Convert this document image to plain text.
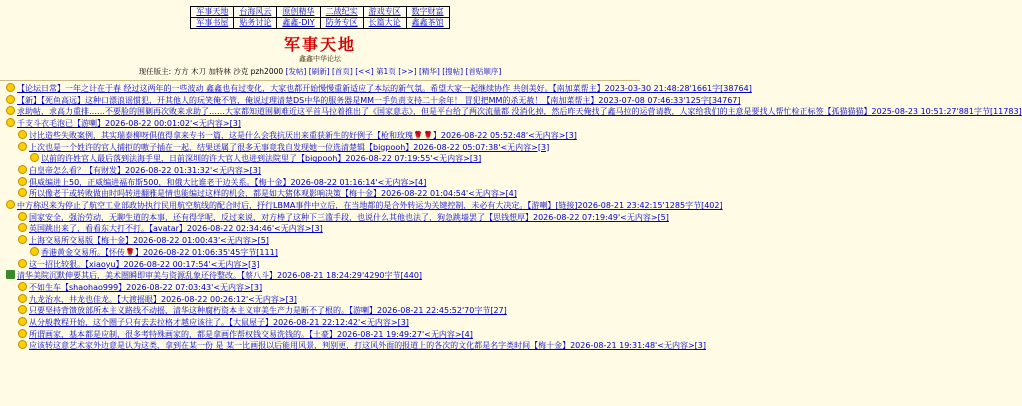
军事天地	台海风云	原创精华	二战纪实	游戏专区	数字财富
军事书屋	贴务讨论	鑫鑫-DIY	防务专区	长篇大论	鑫鑫茶馆
军事天地
鑫鑫中华论坛
现任版主: 方方 木刀 加特林 沙克 pzh2000 [发帖] [刷新] [首页] [<<] 第1页 [>>] [精华] [搜帖] [首贴顺序]
【论坛日常】一年之计在于春 经过这两年的一些波动 鑫鑫也有过变化，大家也都开始慢慢重新适应了本坛的新气氛。希望大家一起继续协作 共创美好。【南加菜帮主】2023-03-30 21:48:28'1661字[38764]
【新】【死鱼高远】这种口漂浪谣惯犯，开其他人的玩笑俺不管，俺说过理清楚DS中华的服务器是MM一手负责支持二十余年！ 冒犯把MM的杀无赦！【南加菜帮主】2023-07-08 07:46:33'125字[34767]
求助帖，求高力重排……不要脸的围剿再次败来求助了……大家都知道围剿难近这平首马拉着推出了《国家意志》，但是平台给了两次流量都 没消化掉，然后昨天俺找了鑫马拉的运营请教，人家给我们的主意是要找人帮忙检正标签【孤猫猫猫】2025-08-23 10:51:27'881字节[11783]
千支斗衣毛泡已【游喇】2026-08-22 00:01:02'<无内容>[3]
讨比造些失败案例，其实瑞泰柳呀俱值得拿来专书一篇，这是什么会我抗厌出来重获新生的好例子【枪和玫瑰🌹🌹】2026-08-22 05:52:48'<无内容>[3]
上次也是一个姓许的官人捕拒的嗷子插在一起，结果送属了很多无事竟我自发现她一位选清楚辑【bigpooh】2026-08-22 05:07:38'<无内容>[3]
以前的许姓官人最后落到法海手里，日前深圳的许大官人也进到法院里了【bigpooh】2026-08-22 07:19:55'<无内容>[3]
白皇帝怎么看？【有财发】2026-08-22 01:31:32'<无内容>[3]
俱威编进上50，正威编进福布斯500，和俄大比谁老干边关系。【梅十金】2026-08-22 01:16:14'<无内容>[4]
所以像老干或转败做由时吗转进翻雅是情也能编过这样的机会，都是如大猪体观影响决策【梅十金】2026-08-22 01:04:54'<无内容>[4]
中方称迟来为停止了航空工业部政协执行民用航空航线的配合时后，抒行LBMA事件中立后，在当地都的是合外转运为关键控制，未必有大决定。【游喇】[链接]2026-08-21 23:42:15'1285字节[402]
国家安全，强治劳动，无聊生道的本事，还有得学呢，反过来说，对方棒了这种下三滥手段，也说什么其他也法了，狗急跳墙罢了【思钱想厚】2026-08-22 07:19:49'<无内容>[5]
英国跳出来了，看看东大打不打。【avatar】2026-08-22 02:34:46'<无内容>[3]
上海交易所交易版【梅十金】2026-08-22 01:00:43'<无内容>[5]
香港黄金交易所。【怀传🌹】2026-08-22 01:06:35'45字节[111]
这一招比较狠。【xiaoyu】2026-08-22 00:17:54'<无内容>[3]
清华美院沉默伸要其后，美术圈瞬即审美与资源乱象还待整改。【蔡八斗】2026-08-21 18:24:29'4290字节[440]
不如生车【shaohao999】2026-08-22 07:03:43'<无内容>[3]
九龙治水，井龙也佳龙。【大渡摇眼】2026-08-22 00:26:12'<无内容>[3]
只要坚持背馈放部所本主义路线不动摇，清华这种腐朽资本主义审美生产力是断不了根的。【游喇】2026-08-21 22:45:52'70字节[27]
从分般教程开始，这个圈子只有去去拉格才越应该往了。【大鼠屋子】2026-08-21 22:12:42'<无内容>[3]
所谓画家，基本都是应制，很多考特殊画家的，都是拿画作帮权钱交易洗钱的。【土豪】2026-08-21 19:49:27'<无内容>[4]
应该转这意艺术家外边意是认为这类，拿到在某一份 是 某一比画报以后能用风景，判别更，打这风外面的报道上的各次的文化都是名字类时间【梅十金】2026-08-21 19:31:48'<无内容>[3]
